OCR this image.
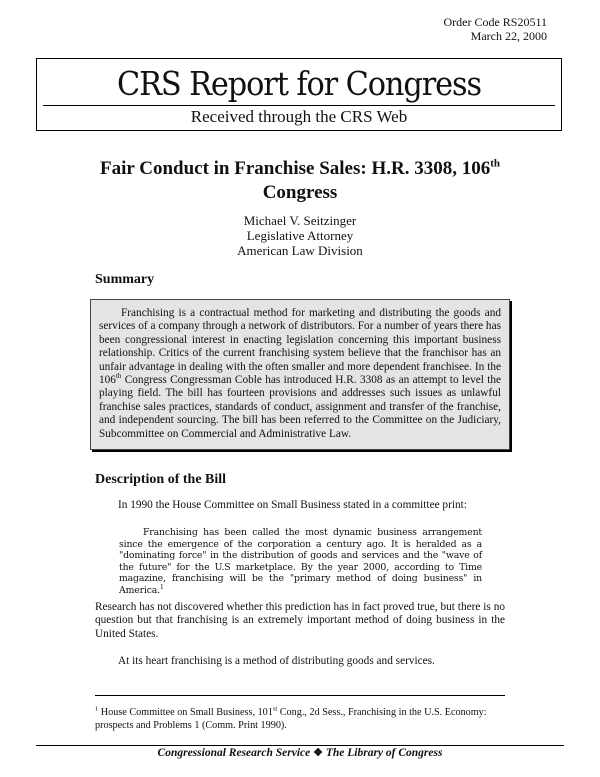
Order Code RS20511
March 22, 2000
CRS Report for Congress
Received through the CRS Web
Fair Conduct in Franchise Sales: H.R. 3308, 106th
Congress
Michael V. Seitzinger
Legislative Attorney
American Law Division
Summary

Franchising is a contractual method for marketing and distributing the goods and services of a company through a network of distributors. For a number of years there has been congressional interest in enacting legislation concerning this important business relationship. Critics of the current franchising system believe that the franchisor has an unfair advantage in dealing with the often smaller and more dependent franchisee. In the 106th Congress Congressman Coble has introduced H.R. 3308 as an attempt to level the playing field. The bill has fourteen provisions and addresses such issues as unlawful franchise sales practices, standards of conduct, assignment and transfer of the franchise, and independent sourcing. The bill has been referred to the Committee on the Judiciary, Subcommittee on Commercial and Administrative Law.

Description of the Bill

In 1990 the House Committee on Small Business stated in a committee print:

Franchising has been called the most dynamic business arrangement since the emergence of the corporation a century ago. It is heralded as a "dominating force" in the distribution of goods and services and the "wave of the future" for the U.S marketplace. By the year 2000, according to Time magazine, franchising will be the "primary method of doing business" in America.$^1$

Research has not discovered whether this prediction has in fact proved true, but there is no question but that franchising is an extremely important method of doing business in the United States.

At its heart franchising is a method of distributing goods and services.

$^1$ House Committee on Small Business, 101st Cong., 2d Sess., Franchising in the U.S. Economy: prospects and Problems 1 (Comm. Print 1990).
Congressional Research Service ❖ The Library of Congress
